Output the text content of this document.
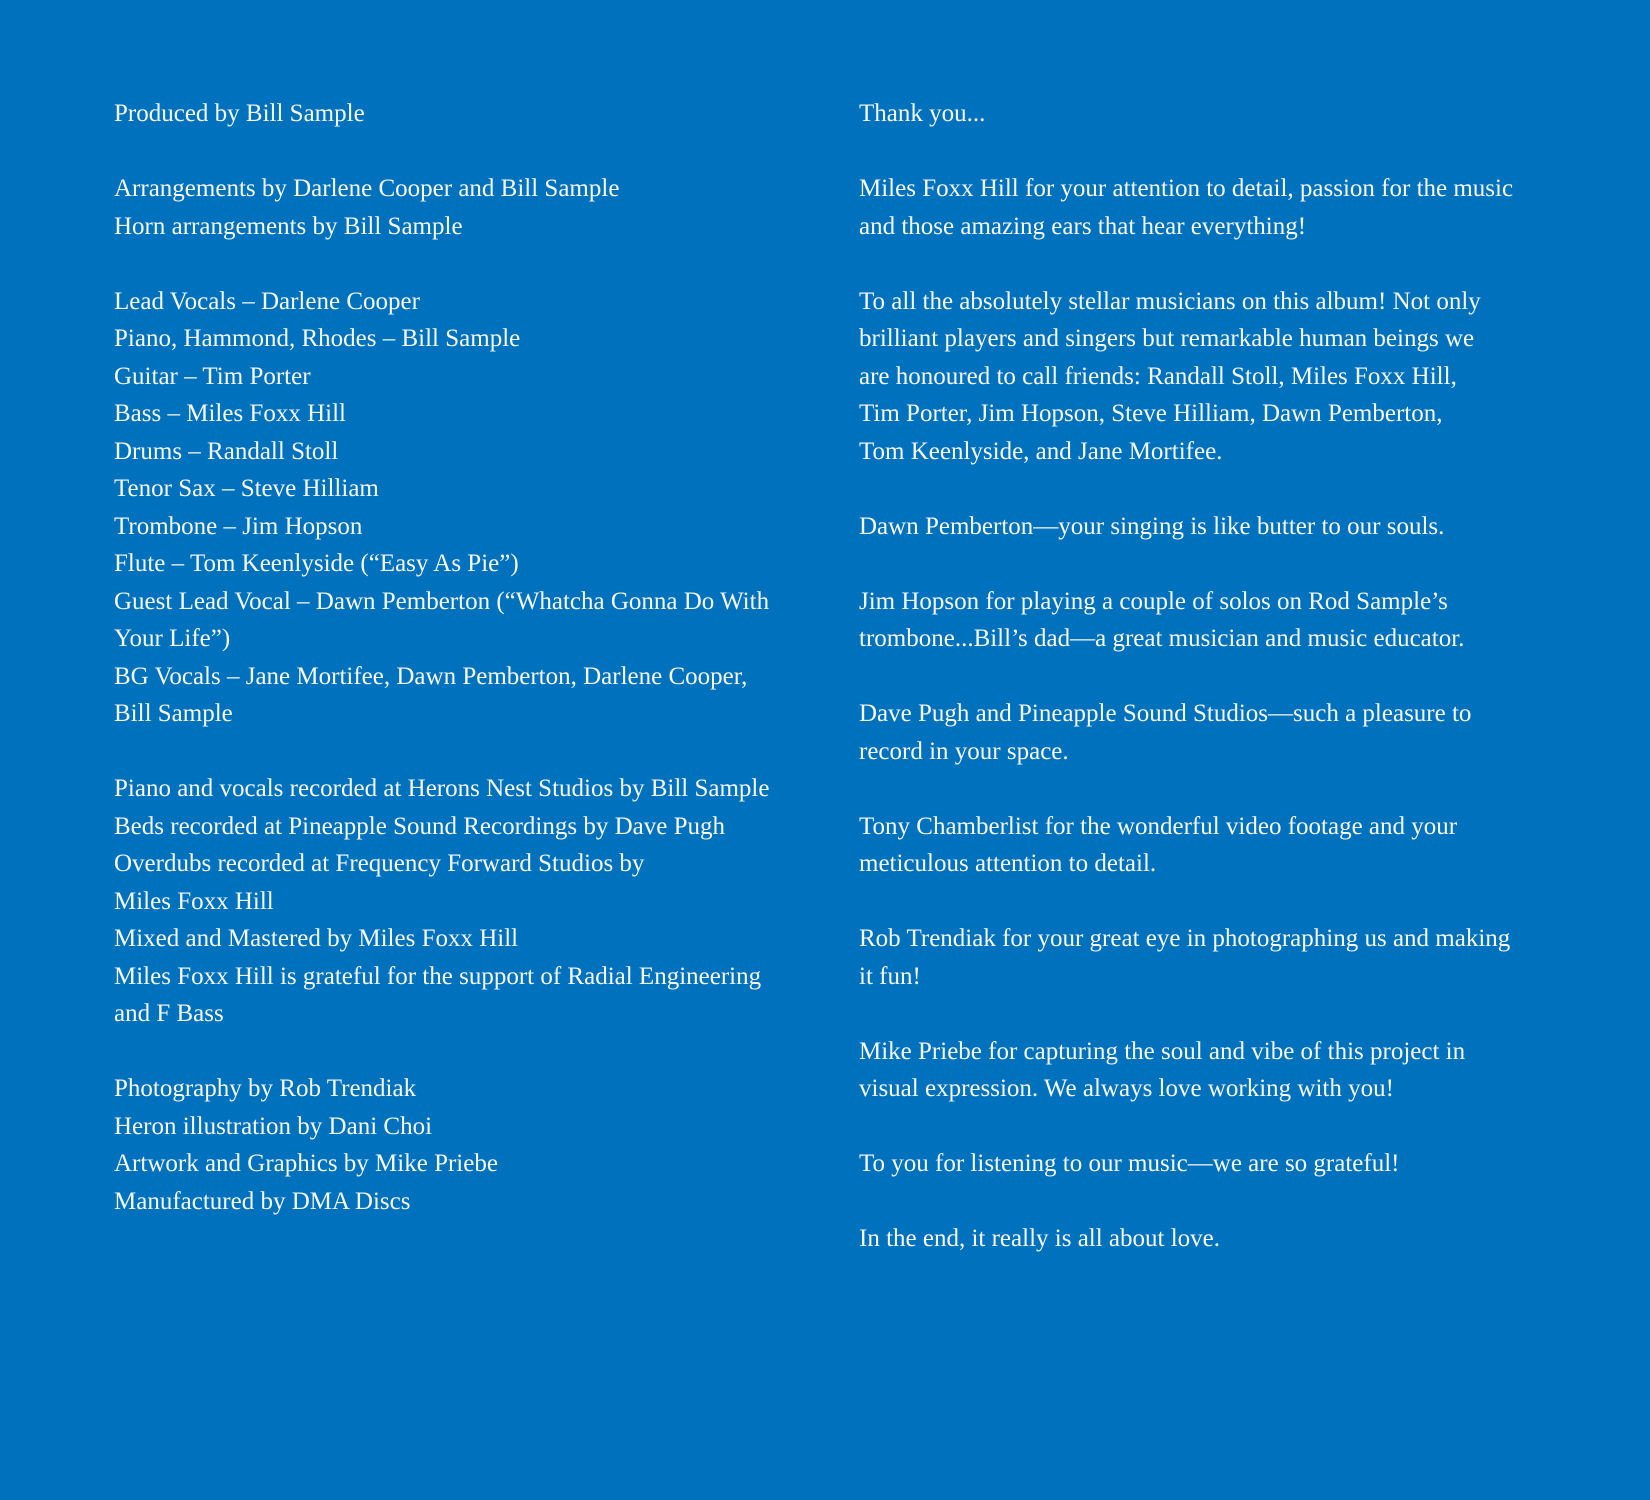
Produced by Bill Sample
Arrangements by Darlene Cooper and Bill Sample
Horn arrangements by Bill Sample
Lead Vocals – Darlene Cooper
Piano, Hammond, Rhodes – Bill Sample
Guitar – Tim Porter
Bass – Miles Foxx Hill
Drums – Randall Stoll
Tenor Sax – Steve Hilliam
Trombone – Jim Hopson
Flute – Tom Keenlyside (“Easy As Pie”)
Guest Lead Vocal – Dawn Pemberton (“Whatcha Gonna Do With
Your Life”)
BG Vocals – Jane Mortifee, Dawn Pemberton, Darlene Cooper,
Bill Sample
Piano and vocals recorded at Herons Nest Studios by Bill Sample
Beds recorded at Pineapple Sound Recordings by Dave Pugh
Overdubs recorded at Frequency Forward Studios by
Miles Foxx Hill
Mixed and Mastered by Miles Foxx Hill
Miles Foxx Hill is grateful for the support of Radial Engineering
and F Bass
Photography by Rob Trendiak
Heron illustration by Dani Choi
Artwork and Graphics by Mike Priebe
Manufactured by DMA Discs
Thank you...
Miles Foxx Hill for your attention to detail, passion for the music
and those amazing ears that hear everything!
To all the absolutely stellar musicians on this album! Not only
brilliant players and singers but remarkable human beings we
are honoured to call friends: Randall Stoll, Miles Foxx Hill,
Tim Porter, Jim Hopson, Steve Hilliam, Dawn Pemberton,
Tom Keenlyside, and Jane Mortifee.
Dawn Pemberton—your singing is like butter to our souls.
Jim Hopson for playing a couple of solos on Rod Sample’s
trombone...Bill’s dad—a great musician and music educator.
Dave Pugh and Pineapple Sound Studios—such a pleasure to
record in your space.
Tony Chamberlist for the wonderful video footage and your
meticulous attention to detail.
Rob Trendiak for your great eye in photographing us and making
it fun!
Mike Priebe for capturing the soul and vibe of this project in
visual expression. We always love working with you!
To you for listening to our music—we are so grateful!
In the end, it really is all about love.
